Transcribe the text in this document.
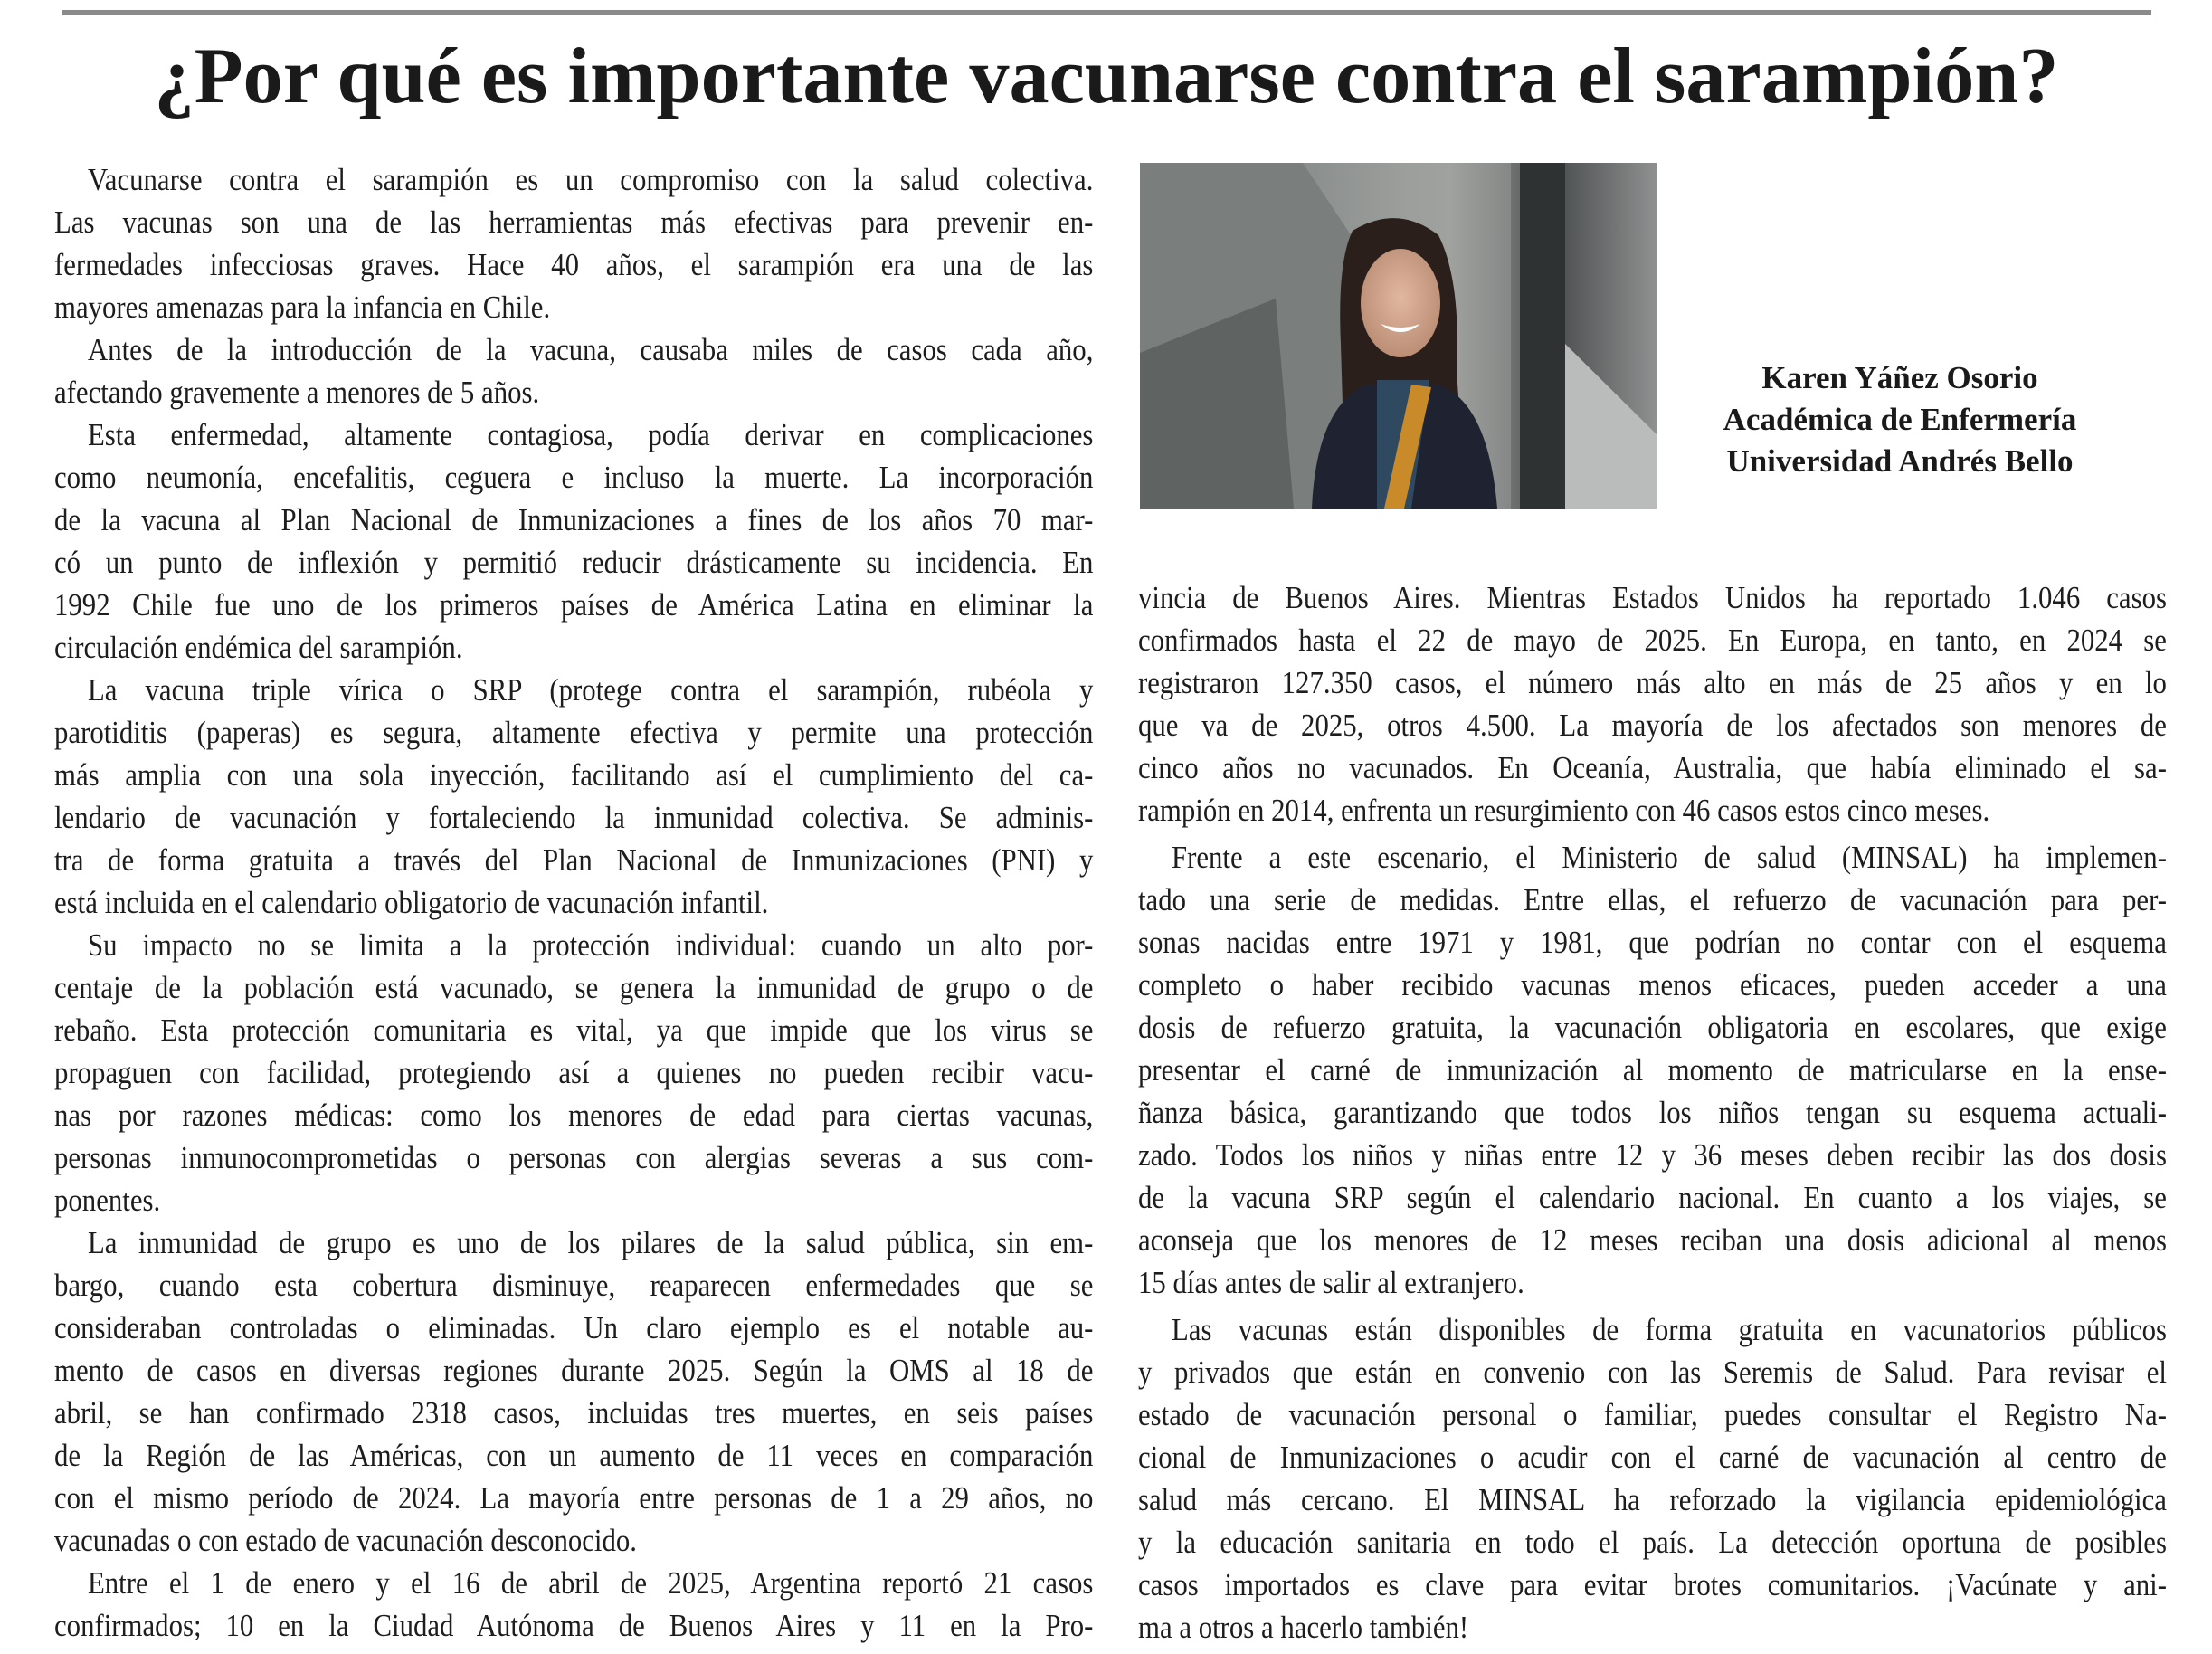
¿Por qué es importante vacunarse contra el sarampión?
Vacunarse contra el sarampión es un compromiso con la salud colectiva.
Las vacunas son una de las herramientas más efectivas para prevenir en-
fermedades infecciosas graves. Hace 40 años, el sarampión era una de las
mayores amenazas para la infancia en Chile.
Antes de la introducción de la vacuna, causaba miles de casos cada año,
afectando gravemente a menores de 5 años.
Esta enfermedad, altamente contagiosa, podía derivar en complicaciones
como neumonía, encefalitis, ceguera e incluso la muerte. La incorporación
de la vacuna al Plan Nacional de Inmunizaciones a fines de los años 70 mar-
có un punto de inflexión y permitió reducir drásticamente su incidencia. En
1992 Chile fue uno de los primeros países de América Latina en eliminar la
circulación endémica del sarampión.
La vacuna triple vírica o SRP (protege contra el sarampión, rubéola y
parotiditis (paperas) es segura, altamente efectiva y permite una protección
más amplia con una sola inyección, facilitando así el cumplimiento del ca-
lendario de vacunación y fortaleciendo la inmunidad colectiva. Se adminis-
tra de forma gratuita a través del Plan Nacional de Inmunizaciones (PNI) y
está incluida en el calendario obligatorio de vacunación infantil.
Su impacto no se limita a la protección individual: cuando un alto por-
centaje de la población está vacunado, se genera la inmunidad de grupo o de
rebaño. Esta protección comunitaria es vital, ya que impide que los virus se
propaguen con facilidad, protegiendo así a quienes no pueden recibir vacu-
nas por razones médicas: como los menores de edad para ciertas vacunas,
personas inmunocomprometidas o personas con alergias severas a sus com-
ponentes.
La inmunidad de grupo es uno de los pilares de la salud pública, sin em-
bargo, cuando esta cobertura disminuye, reaparecen enfermedades que se
consideraban controladas o eliminadas. Un claro ejemplo es el notable au-
mento de casos en diversas regiones durante 2025. Según la OMS al 18 de
abril, se han confirmado 2318 casos, incluidas tres muertes, en seis países
de la Región de las Américas, con un aumento de 11 veces en comparación
con el mismo período de 2024. La mayoría entre personas de 1 a 29 años, no
vacunadas o con estado de vacunación desconocido.
Entre el 1 de enero y el 16 de abril de 2025, Argentina reportó 21 casos
confirmados; 10 en la Ciudad Autónoma de Buenos Aires y 11 en la Pro-
vincia de Buenos Aires. Mientras Estados Unidos ha reportado 1.046 casos
confirmados hasta el 22 de mayo de 2025. En Europa, en tanto, en 2024 se
registraron 127.350 casos, el número más alto en más de 25 años y en lo
que va de 2025, otros 4.500. La mayoría de los afectados son menores de
cinco años no vacunados. En Oceanía, Australia, que había eliminado el sa-
rampión en 2014, enfrenta un resurgimiento con 46 casos estos cinco meses.
Frente a este escenario, el Ministerio de salud (MINSAL) ha implemen-
tado una serie de medidas. Entre ellas, el refuerzo de vacunación para per-
sonas nacidas entre 1971 y 1981, que podrían no contar con el esquema
completo o haber recibido vacunas menos eficaces, pueden acceder a una
dosis de refuerzo gratuita, la vacunación obligatoria en escolares, que exige
presentar el carné de inmunización al momento de matricularse en la ense-
ñanza básica, garantizando que todos los niños tengan su esquema actuali-
zado. Todos los niños y niñas entre 12 y 36 meses deben recibir las dos dosis
de la vacuna SRP según el calendario nacional. En cuanto a los viajes, se
aconseja que los menores de 12 meses reciban una dosis adicional al menos
15 días antes de salir al extranjero.
Las vacunas están disponibles de forma gratuita en vacunatorios públicos
y privados que están en convenio con las Seremis de Salud. Para revisar el
estado de vacunación personal o familiar, puedes consultar el Registro Na-
cional de Inmunizaciones o acudir con el carné de vacunación al centro de
salud más cercano. El MINSAL ha reforzado la vigilancia epidemiológica
y la educación sanitaria en todo el país. La detección oportuna de posibles
casos importados es clave para evitar brotes comunitarios. ¡Vacúnate y ani-
ma a otros a hacerlo también!
Karen Yáñez Osorio
Académica de Enfermería
Universidad Andrés Bello
